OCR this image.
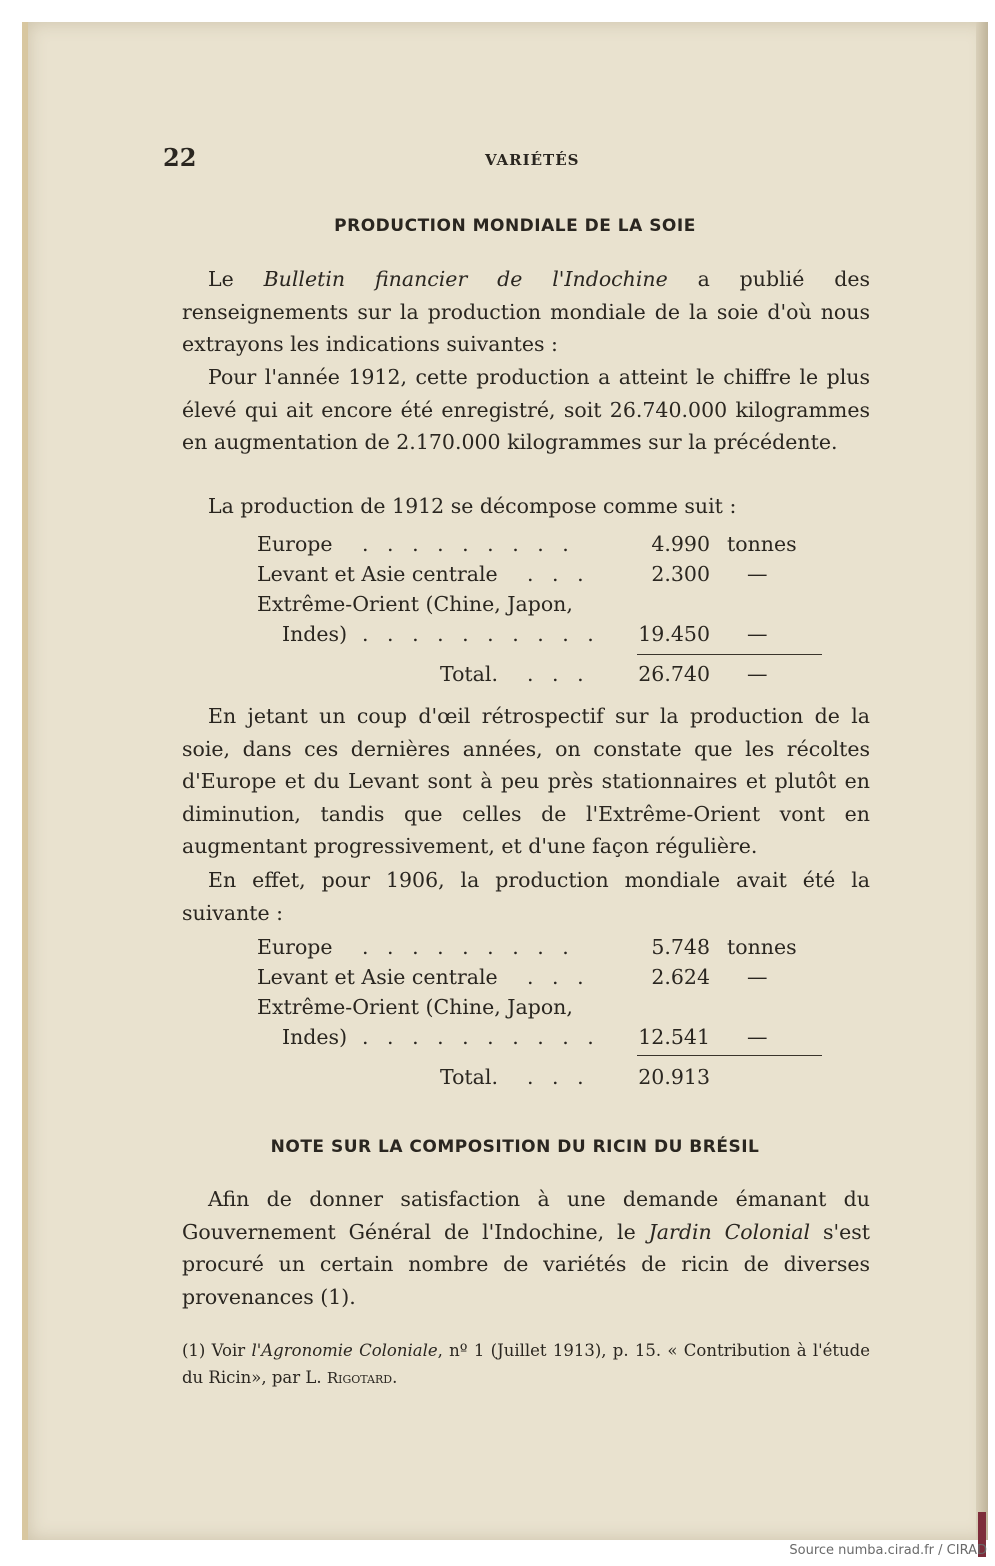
22	VARIÉTÉS
PRODUCTION MONDIALE DE LA SOIE

Le Bulletin financier de l'Indochine a publié des renseignements sur la production mondiale de la soie d'où nous extrayons les indications suivantes :

Pour l'année 1912, cette production a atteint le chiffre le plus élevé qui ait encore été enregistré, soit 26.740.000 kilogrammes en augmentation de 2.170.000 kilogrammes sur la précédente.

La production de 1912 se décompose comme suit :

Europe . . . . . . . . .	4.990 tonnes
Levant et Asie centrale . . .	2.300 —
Extrême-Orient (Chine, Japon,
Indes) . . . . . . . . . . 19.450 —
Total. . . .	26.740 —

En jetant un coup d'œil rétrospectif sur la production de la soie, dans ces dernières années, on constate que les récoltes d'Europe et du Levant sont à peu près stationnaires et plutôt en diminution, tandis que celles de l'Extrême-Orient vont en augmentant progressivement, et d'une façon régulière.

En effet, pour 1906, la production mondiale avait été la suivante :

Europe . . . . . . . . .	5.748 tonnes
Levant et Asie centrale . . .	2.624 —
Extrême-Orient (Chine, Japon,
Indes) . . . . . . . . . . 12.541 —
Total. . . .	20.913
NOTE SUR LA COMPOSITION DU RICIN DU BRÉSIL

Afin de donner satisfaction à une demande émanant du Gouvernement Général de l'Indochine, le Jardin Colonial s'est procuré un certain nombre de variétés de ricin de diverses provenances (1).

(1) Voir l'Agronomie Coloniale, nº 1 (Juillet 1913), p. 15. « Contribution à l'étude du Ricin», par L. Rigotard.

Source numba.cirad.fr / CIRAD
